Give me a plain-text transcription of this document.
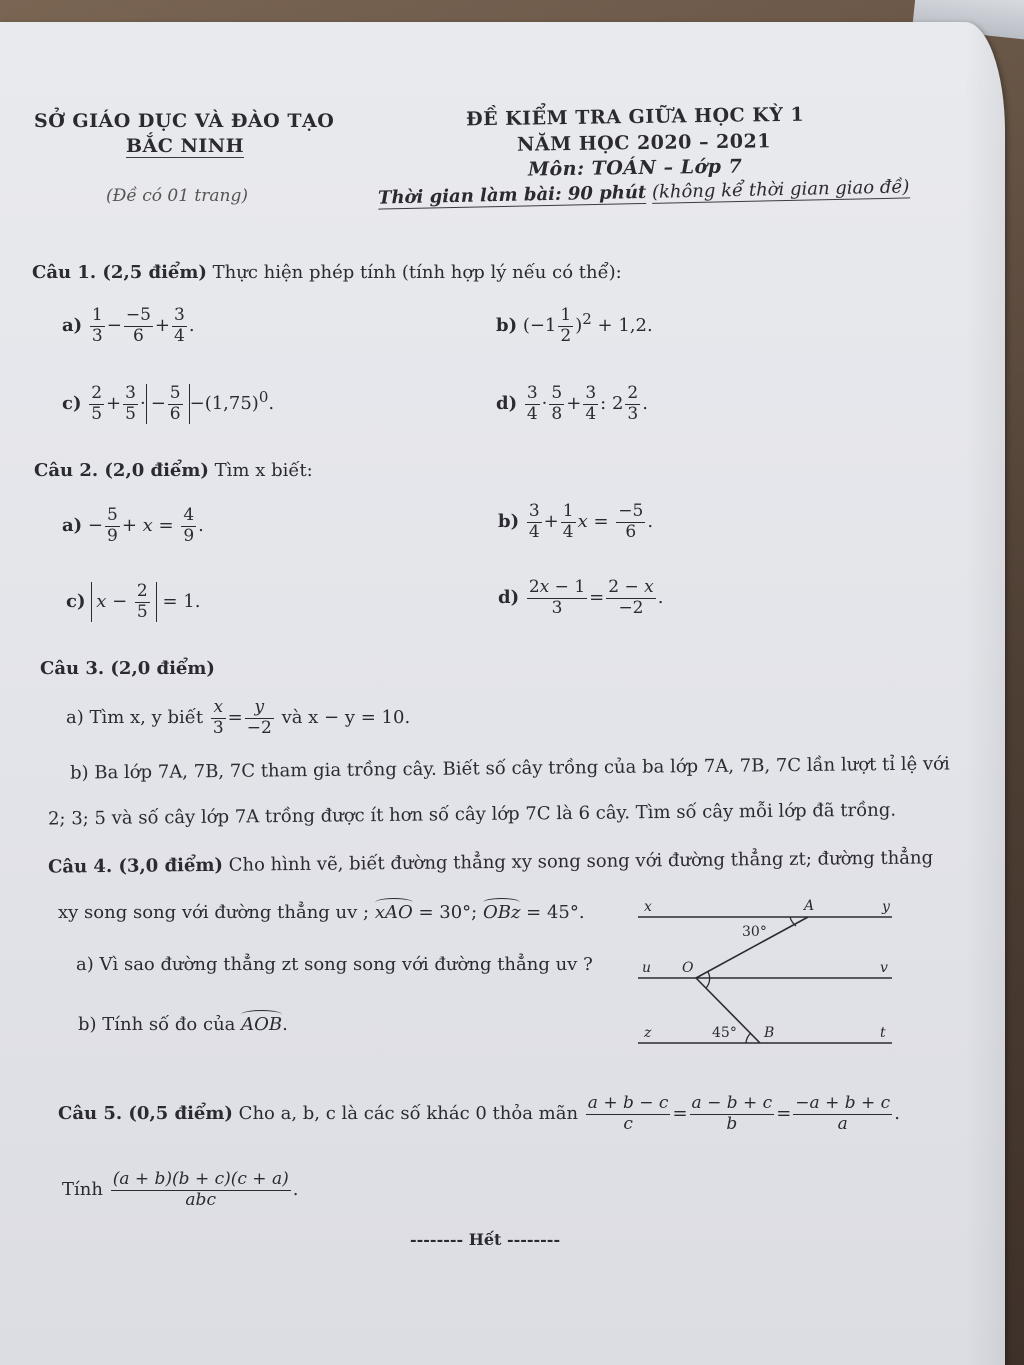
SỞ GIÁO DỤC VÀ ĐÀO TẠO
BẮC NINH
(Đề có 01 trang)
ĐỀ KIỂM TRA GIỮA HỌC KỲ 1
NĂM HỌC 2020 – 2021
Môn: TOÁN – Lớp 7
Thời gian làm bài: 90 phút (không kể thời gian giao đề)
Câu 1. (2,5 điểm) Thực hiện phép tính (tính hợp lý nếu có thể):
$a) \frac{1}{3} - \frac{-5}{6} + \frac{3}{4}$ .	b) $(-1 \frac{1}{2} )^2 + 1,2$.
$c) \frac{2}{5} + \frac{3}{5}$ · − $\frac{5}{6} -(1,75)^0$.	$d) \frac{3}{4} \cdot \frac{5}{8} + \frac{3}{4}$ : $2 \frac{2}{3}$ .
Câu 2. (2,0 điểm) Tìm x biết:
$a) - \frac{5}{9} + x = \frac{4}{9}$ .	$b) \frac{3}{4} + \frac{1}{4}$ $x = \frac{-5}{6}$ .
c) $x - \frac{2}{5} = 1$.	$d) \frac{2x - 1}{3} = \frac{2 - x}{-2}$ .
Câu 3. (2,0 điểm)
a) Tìm x, y biết $\frac{x}{3} = \frac{y}{-2}$ và x − y = 10.
b) Ba lớp 7A, 7B, 7C tham gia trồng cây. Biết số cây trồng của ba lớp 7A, 7B, 7C lần lượt tỉ lệ với
2; 3; 5 và số cây lớp 7A trồng được ít hơn số cây lớp 7C là 6 cây. Tìm số cây mỗi lớp đã trồng.
Câu 4. (3,0 điểm) Cho hình vẽ, biết đường thẳng xy song song với đường thẳng zt; đường thẳng
xy song song với đường thẳng uv ; xAO = 30°; OBz = 45°.
a) Vì sao đường thẳng zt song song với đường thẳng uv ?
b) Tính số đo của AOB.
x	A	y
30°
u O	v
z	45° B	t
Câu 5. (0,5 điểm) Cho a, b, c là các số khác 0 thỏa mãn $\frac{a + b - c}{c} = \frac{a - b + c}{b} = \frac{-a + b + c}{a}$ .
Tính $\frac{(a + b)(b + c)(c + a)}{\text{abc}}$ .
-------- Hết --------
